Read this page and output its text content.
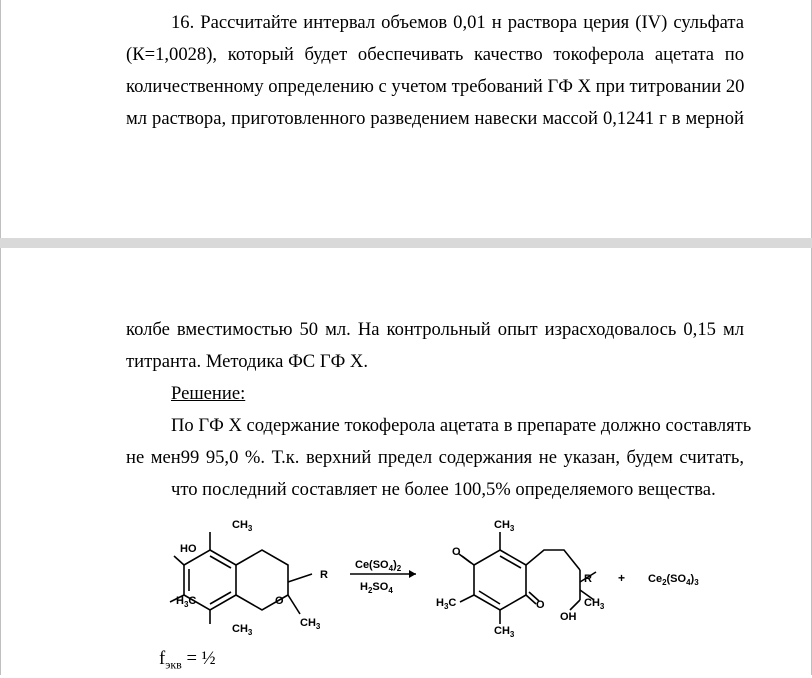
16. Рассчитайте интервал объемов 0,01 н раствора церия (IV) сульфата
(К=1,0028), который будет обеспечивать качество токоферола ацетата по
количественному определению с учетом требований ГФ Х при титровании 20
мл раствора, приготовленного разведением навески массой 0,1241 г в мерной
колбе вместимостью 50 мл. На контрольный опыт израсходовалось 0,15 мл
титранта. Методика ФС ГФ Х.
Решение:
По ГФ Х содержание токоферола ацетата в препарате должно составлять
не мен99 95,0 %. Т.к. верхний предел содержания не указан, будем считать,
что последний составляет не более 100,5% определяемого вещества.
$CH_3$
HO
$H_3C$
$CH_3$
O
R
$CH_3$
$Ce(SO_4)_2$
$H_2SO_4$
O
O
$CH_3$
$H_3C$
$CH_3$
R
$CH_3$
OH
+ $Ce_2(SO_4)_3$
$f_{экв}$ = ½
